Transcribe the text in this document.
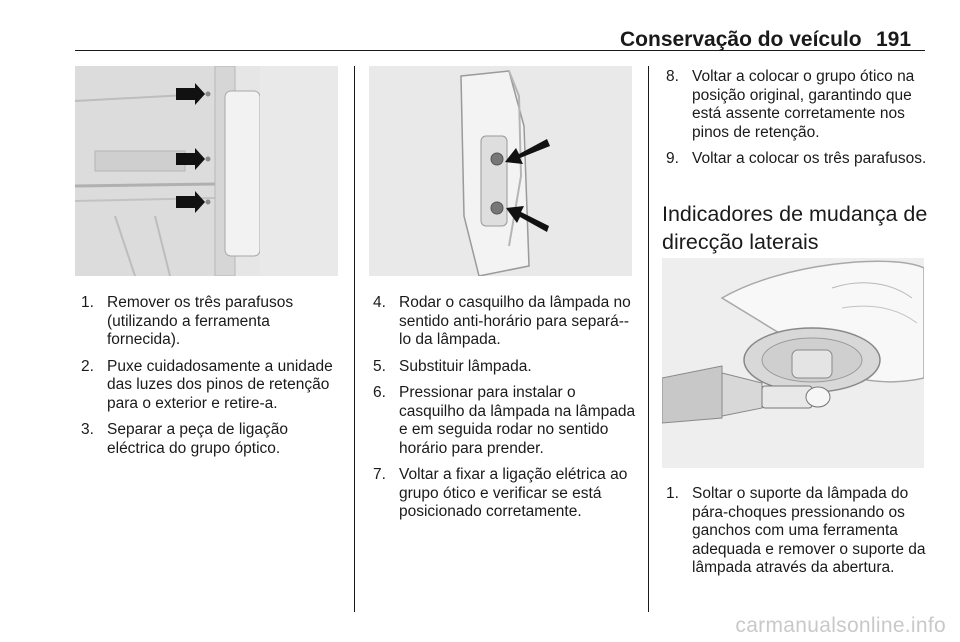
Conservação do veículo 191
1. Remover os três parafusos (utilizando a ferramenta fornecida).
2. Puxe cuidadosamente a unidade das luzes dos pinos de retenção para o exterior e retire-a.
3. Separar a peça de ligação eléctrica do grupo óptico.
4. Rodar o casquilho da lâmpada no sentido anti-horário para separá--lo da lâmpada.
5. Substituir lâmpada.
6. Pressionar para instalar o casquilho da lâmpada na lâmpada e em seguida rodar no sentido horário para prender.
7. Voltar a fixar a ligação elétrica ao grupo ótico e verificar se está posicionado corretamente.
8. Voltar a colocar o grupo ótico na posição original, garantindo que está assente corretamente nos pinos de retenção.
9. Voltar a colocar os três parafusos.
Indicadores de mudança de direcção laterais
1. Soltar o suporte da lâmpada do pára-choques pressionando os ganchos com uma ferramenta adequada e remover o suporte da lâmpada através da abertura.
carmanualsonline.info
